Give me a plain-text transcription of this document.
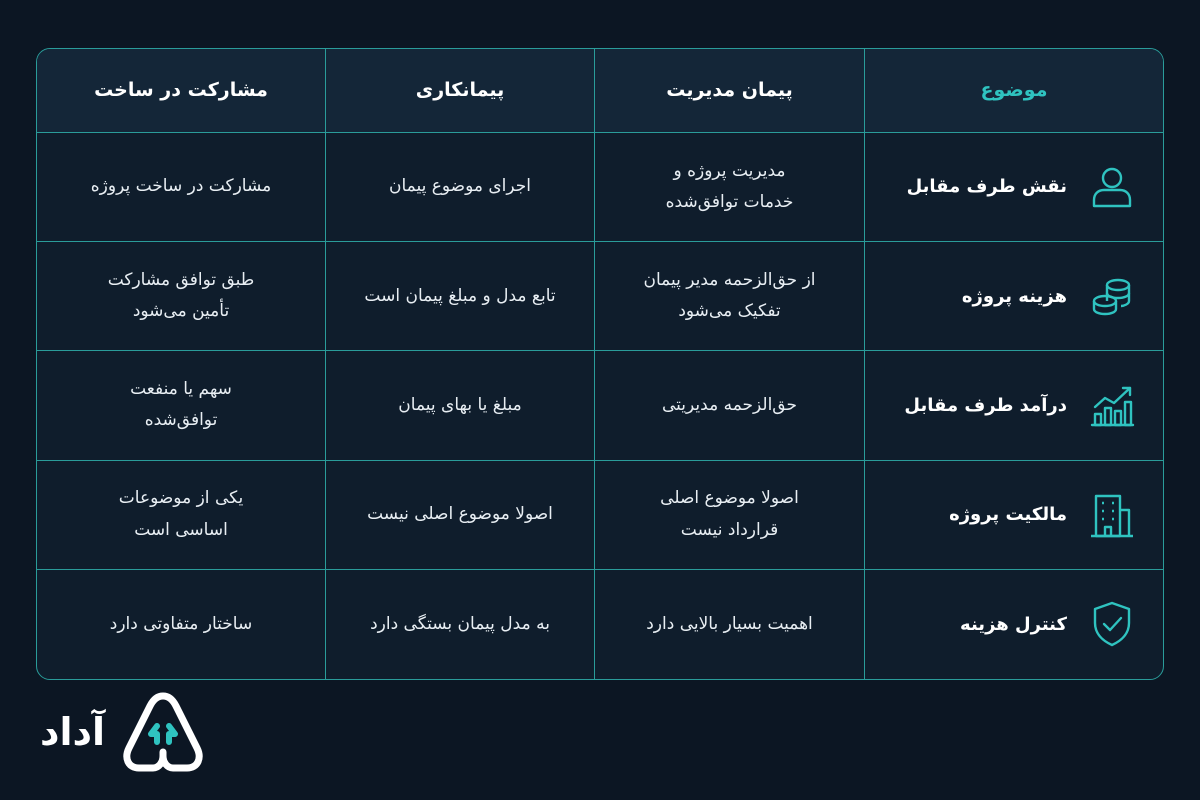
موضوع
پیمان مدیریت
پیمانکاری
مشارکت در ساخت
نقش طرف مقابل
مدیریت پروژه و
خدمات توافق‌شده
اجرای موضوع پیمان
مشارکت در ساخت پروژه
هزینه پروژه
از حق‌الزحمه مدیر پیمان
تفکیک می‌شود
تابع مدل و مبلغ پیمان است
طبق توافق مشارکت
تأمین می‌شود
درآمد طرف مقابل
حق‌الزحمه مدیریتی
مبلغ یا بهای پیمان
سهم یا منفعت
توافق‌شده
مالکیت پروژه
اصولا موضوع اصلی
قرارداد نیست
اصولا موضوع اصلی نیست
یکی از موضوعات
اساسی است
کنترل هزینه
اهمیت بسیار بالایی دارد
به مدل پیمان بستگی دارد
ساختار متفاوتی دارد
آداد
